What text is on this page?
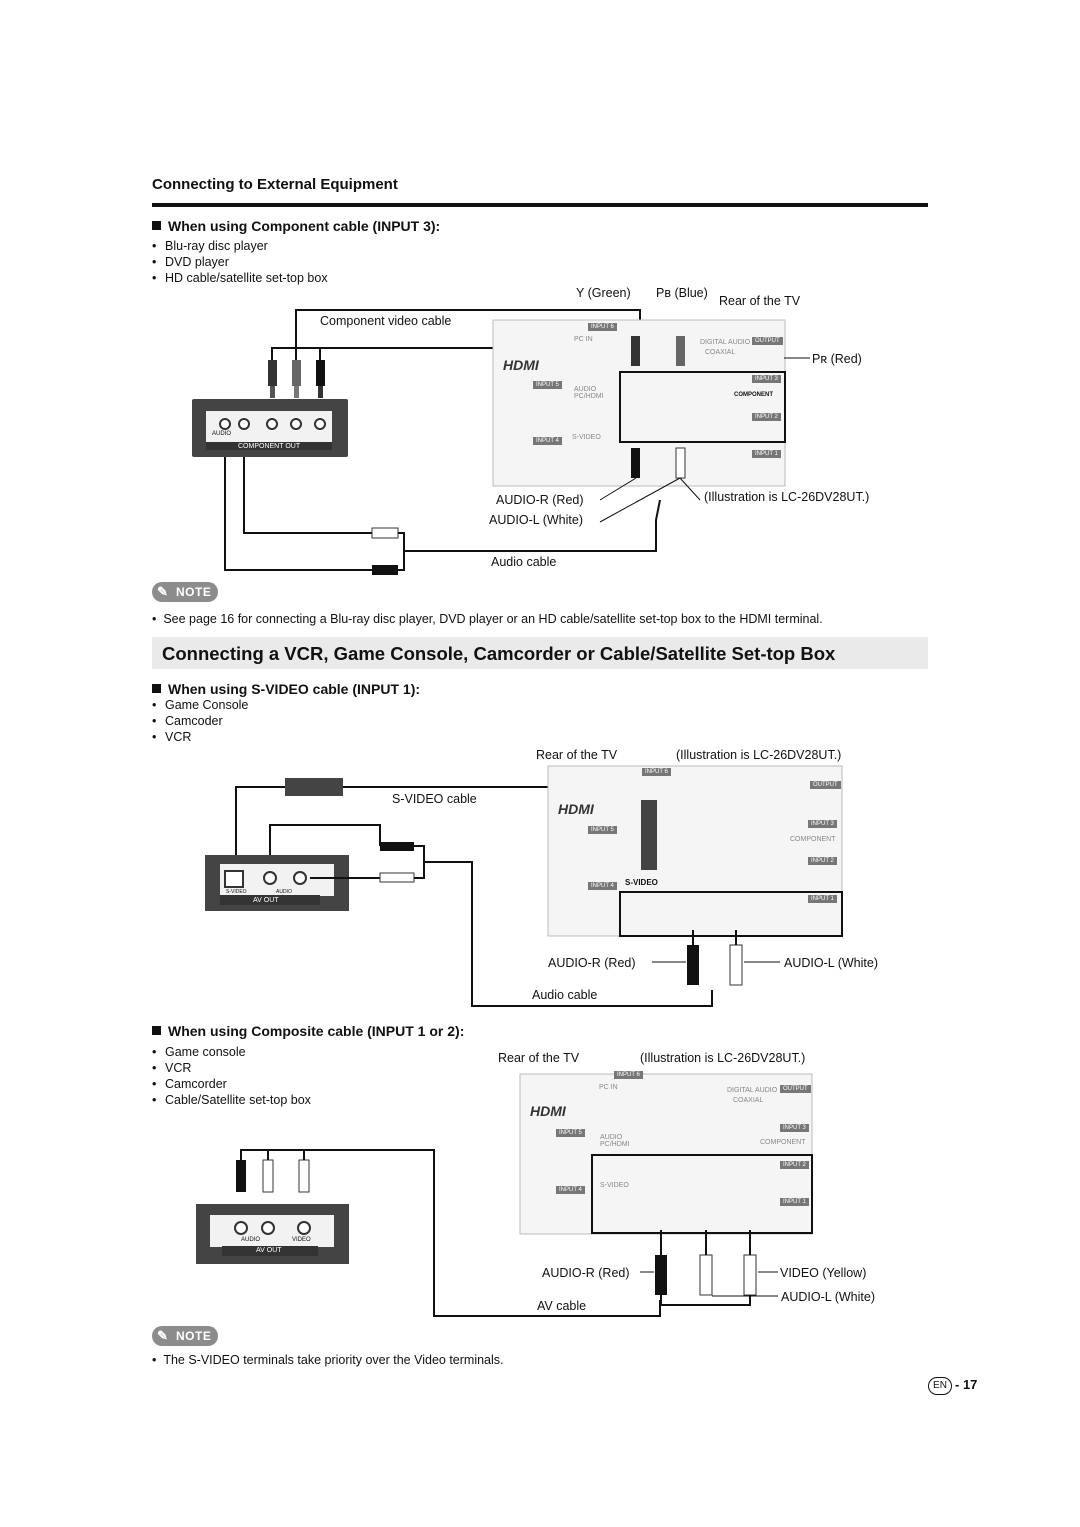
Connecting to External Equipment
When using Component cable (INPUT 3):
• Blu-ray disc player
• DVD player
• HD cable/satellite set-top box
AUDIO
COMPONENT OUT
HDMI
INPUT 6
PC IN
INPUT 5
INPUT 4
AUDIO PC/HDMI
S-VIDEO
INPUT 3
INPUT 2
INPUT 1
COMPONENT
OUTPUT
DIGITAL AUDIO
COAXIAL
Y (Green) Pʙ (Blue)
Rear of the TV
Component video cable
Pʀ (Red)
AUDIO-R (Red)
AUDIO-L (White)
(Illustration is LC-26DV28UT.)
Audio cable
✎ NOTE
•  See page 16 for connecting a Blu-ray disc player, DVD player or an HD cable/satellite set-top box to the HDMI terminal.
Connecting a VCR, Game Console, Camcorder or Cable/Satellite Set-top Box
When using S-VIDEO cable (INPUT 1):
• Game Console
• Camcoder
• VCR
S-VIDEO	AUDIO
AV OUT
HDMI
INPUT 6
INPUT 5
INPUT 4
INPUT 3
INPUT 2
INPUT 1
S-VIDEO
COMPONENT
OUTPUT
Rear of the TV	(Illustration is LC-26DV28UT.)
S-VIDEO cable
AUDIO-R (Red)	AUDIO-L (White)
Audio cable
When using Composite cable (INPUT 1 or 2):
• Game console
• VCR
• Camcorder
• Cable/Satellite set-top box
AUDIO	VIDEO
AV OUT
HDMI
INPUT 6
PC IN
INPUT 5
INPUT 4
AUDIO PC/HDMI
S-VIDEO
INPUT 3
INPUT 2
INPUT 1
COMPONENT
OUTPUT
DIGITAL AUDIO
COAXIAL
Rear of the TV	(Illustration is LC-26DV28UT.)
AUDIO-R (Red)	VIDEO (Yellow)
AUDIO-L (White)
AV cable
✎ NOTE
•  The S-VIDEO terminals take priority over the Video terminals.
EN - 17
